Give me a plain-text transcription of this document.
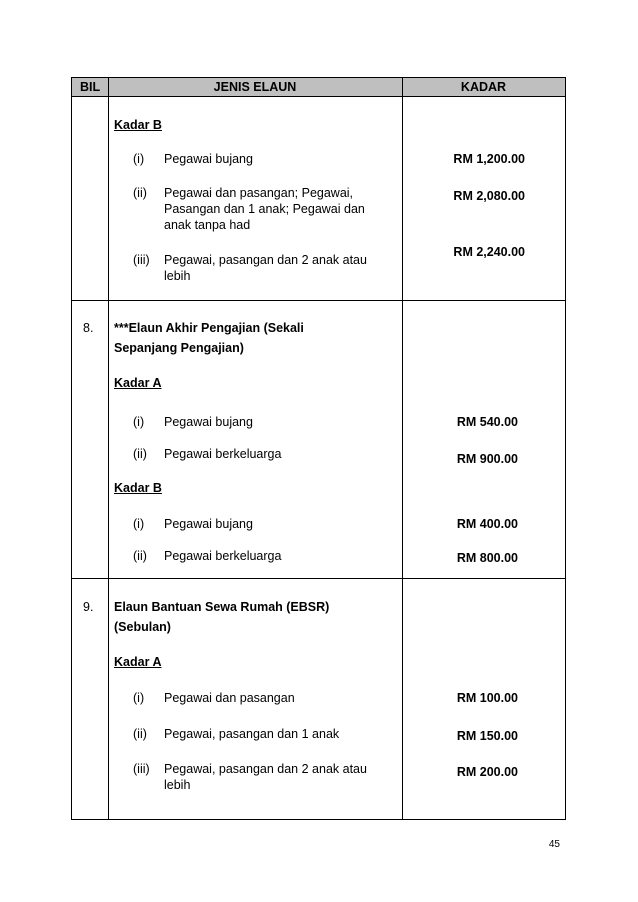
BIL	JENIS ELAUN	KADAR
Kadar B
(i) Pegawai bujang	RM 1,200.00
(ii) Pegawai dan pasangan; Pegawai,
Pasangan dan 1 anak; Pegawai dan
anak tanpa had
RM 2,080.00
(iii) Pegawai, pasangan dan 2 anak atau
lebih
RM 2,240.00
8. ***Elaun Akhir Pengajian (Sekali
Sepanjang Pengajian)
Kadar A
(i) Pegawai bujang	RM 540.00
(ii) Pegawai berkeluarga	RM 900.00
Kadar B
(i) Pegawai bujang	RM 400.00
(ii) Pegawai berkeluarga	RM 800.00
9. Elaun Bantuan Sewa Rumah (EBSR)
(Sebulan)
Kadar A
(i) Pegawai dan pasangan	RM 100.00
(ii) Pegawai, pasangan dan 1 anak	RM 150.00
(iii) Pegawai, pasangan dan 2 anak atau
lebih
RM 200.00
45
